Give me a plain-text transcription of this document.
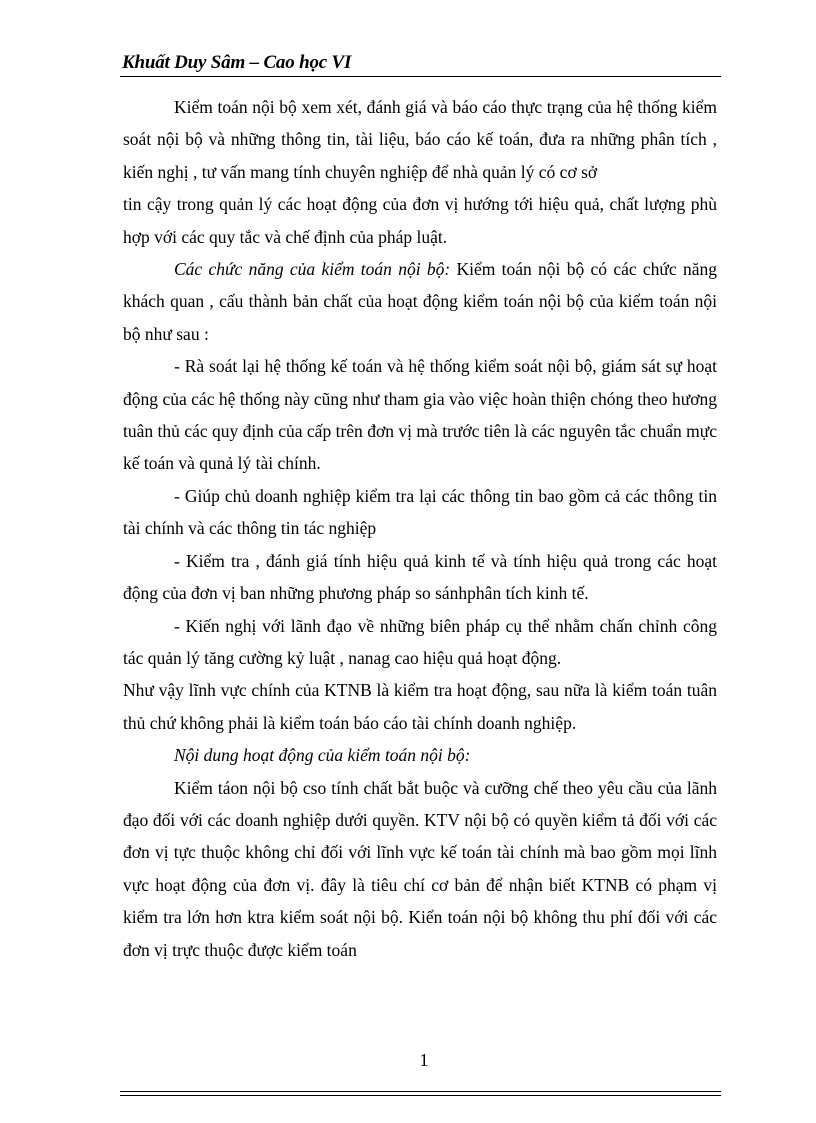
Khuất Duy Sâm – Cao học VI

Kiểm toán nội bộ xem xét, đánh giá và báo cáo thực trạng của hệ thống kiểm soát nội bộ và những thông tin, tài liệu, báo cáo kế toán, đưa ra những phân tích , kiến nghị , tư vấn mang tính chuyên nghiệp để nhà quản lý có cơ sở

tin cậy trong quản lý các hoạt động của đơn vị hướng tới hiệu quả, chất lượng phù hợp với các quy tắc và chế định của pháp luật.

Các chức năng của kiểm toán nội bộ: Kiểm toán nội bộ có các chức năng khách quan , cấu thành bản chất của hoạt động kiểm toán nội bộ của kiểm toán nội bộ như sau :

- Rà soát lại hệ thống kế toán và hệ thống kiểm soát nội bộ, giám sát sự hoạt động của các hệ thống này cũng như tham gia vào việc hoàn thiện chóng theo hương tuân thủ các quy định của cấp trên đơn vị mà trước tiên là các nguyên tắc chuẩn mực kế toán và qunả lý tài chính.

- Giúp chủ doanh nghiệp kiểm tra lại các thông tin bao gồm cả các thông tin tài chính và các thông tin tác nghiệp

- Kiểm tra , đánh giá tính hiệu quả kinh tế và tính hiệu quả trong các hoạt động của đơn vị ban những phương pháp so sánhphân tích kinh tế.

- Kiến nghị với lãnh đạo về những biên pháp cụ thể nhằm chấn chỉnh công tác quản lý tăng cường kỷ luật , nanag cao hiệu quả hoạt động.

Như vậy lĩnh vực chính của KTNB là kiểm tra hoạt động, sau nữa là kiểm toán tuân thủ chứ không phải là kiểm toán báo cáo tài chính doanh nghiệp.

Nội dung hoạt động của kiểm toán nội bộ:

Kiểm táon nội bộ cso tính chất bắt buộc và cưỡng chế theo yêu cầu của lãnh đạo đối với các doanh nghiệp dưới quyền. KTV nội bộ có quyền kiểm tả đối với các đơn vị tực thuộc không chỉ đối với lĩnh vực kế toán tài chính mà bao gồm mọi lĩnh vực hoạt động của đơn vị. đây là tiêu chí cơ bản để nhận biết KTNB có phạm vị kiểm tra lớn hơn ktra kiểm soát nội bộ. Kiển toán nội bộ không thu phí đối với các đơn vị trực thuộc được kiểm toán

1
